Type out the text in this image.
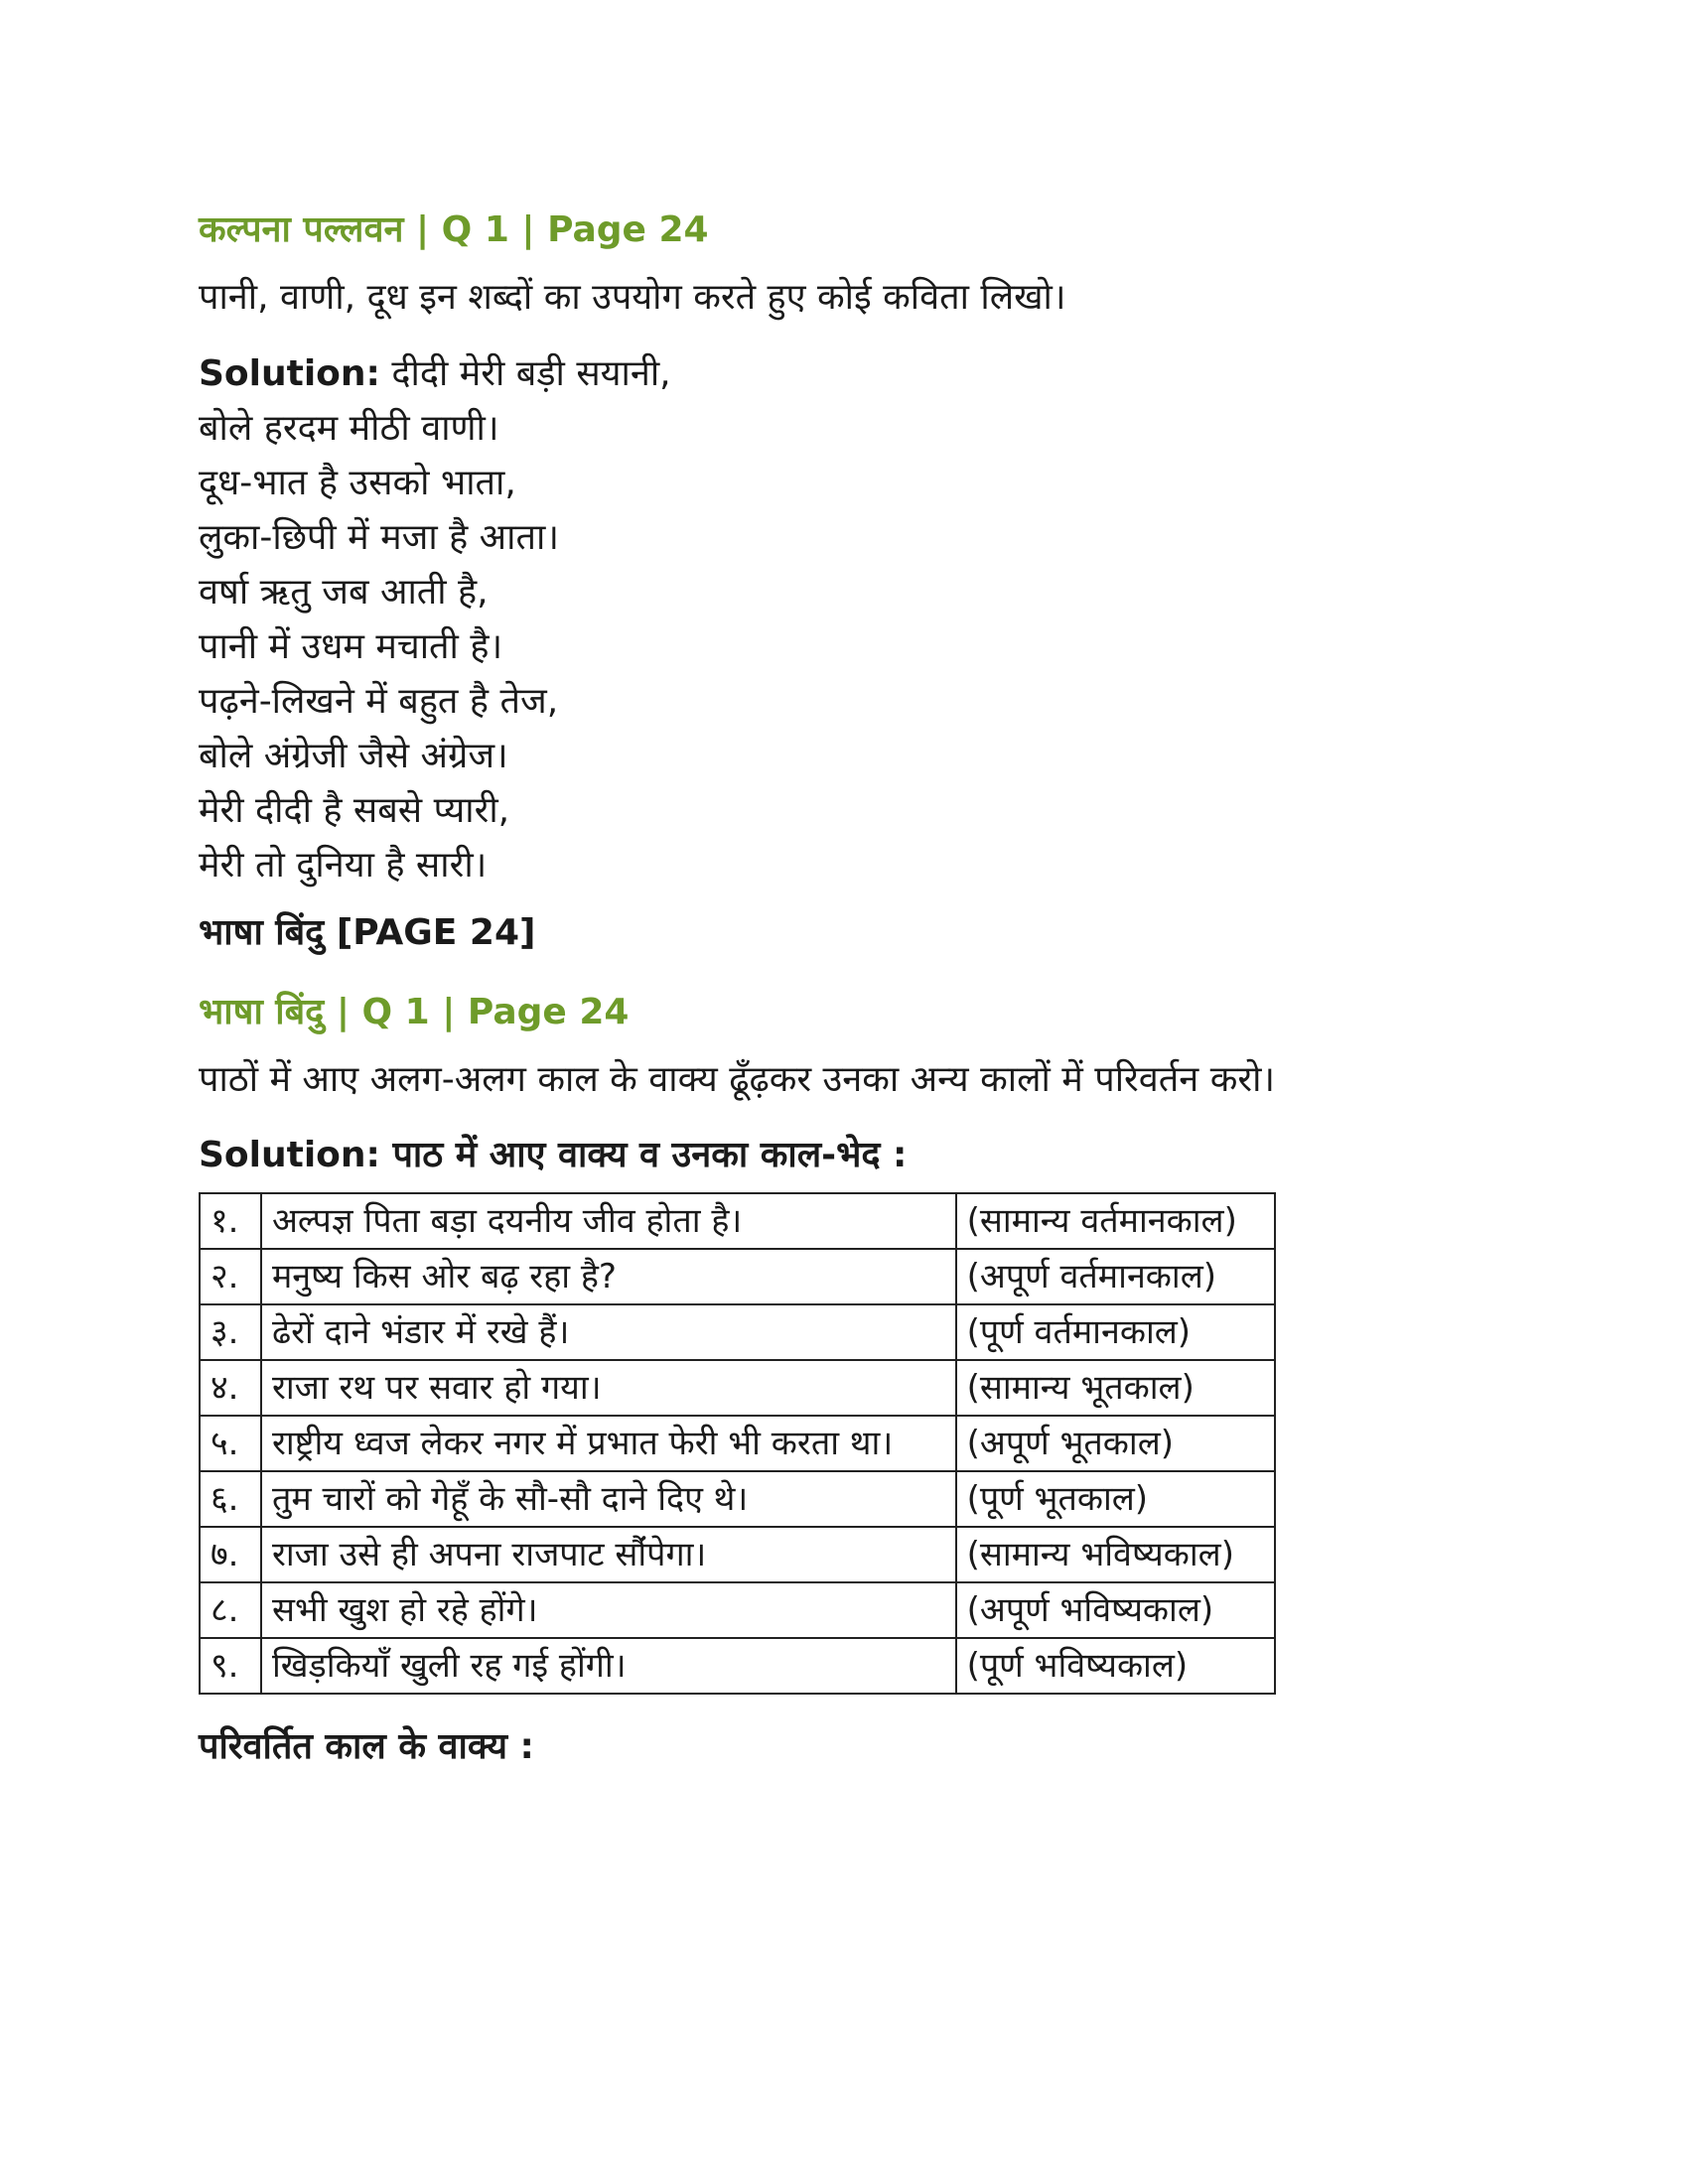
कल्पना पल्लवन | Q 1 | Page 24

पानी, वाणी, दूध इन शब्दों का उपयोग करते हुए कोई कविता लिखो।

Solution: दीदी मेरी बड़ी सयानी,
बोले हरदम मीठी वाणी।
दूध-भात है उसको भाता,
लुका-छिपी में मजा है आता।
वर्षा ऋतु जब आती है,
पानी में उधम मचाती है।
पढ़ने-लिखने में बहुत है तेज,
बोले अंग्रेजी जैसे अंग्रेज।
मेरी दीदी है सबसे प्यारी,
मेरी तो दुनिया है सारी।

भाषा बिंदु [PAGE 24]

भाषा बिंदु | Q 1 | Page 24

पाठों में आए अलग-अलग काल के वाक्य ढूँढ़कर उनका अन्य कालों में परिवर्तन करो।

Solution: पाठ में आए वाक्य व उनका काल-भेद :

१.	अल्पज्ञ पिता बड़ा दयनीय जीव होता है।	(सामान्य वर्तमानकाल)
२.	मनुष्य किस ओर बढ़ रहा है?	(अपूर्ण वर्तमानकाल)
३.	ढेरों दाने भंडार में रखे हैं।	(पूर्ण वर्तमानकाल)
४.	राजा रथ पर सवार हो गया।	(सामान्य भूतकाल)
५.	राष्ट्रीय ध्वज लेकर नगर में प्रभात फेरी भी करता था।	(अपूर्ण भूतकाल)
६.	तुम चारों को गेहूँ के सौ-सौ दाने दिए थे।	(पूर्ण भूतकाल)
७.	राजा उसे ही अपना राजपाट साैंंपेगा।	(सामान्य भविष्यकाल)
८.	सभी खुश हो रहे होंगे।	(अपूर्ण भविष्यकाल)
९.	खिड़कियाँ खुली रह गई होंगी।	(पूर्ण भविष्यकाल)

परिवर्तित काल के वाक्य :
